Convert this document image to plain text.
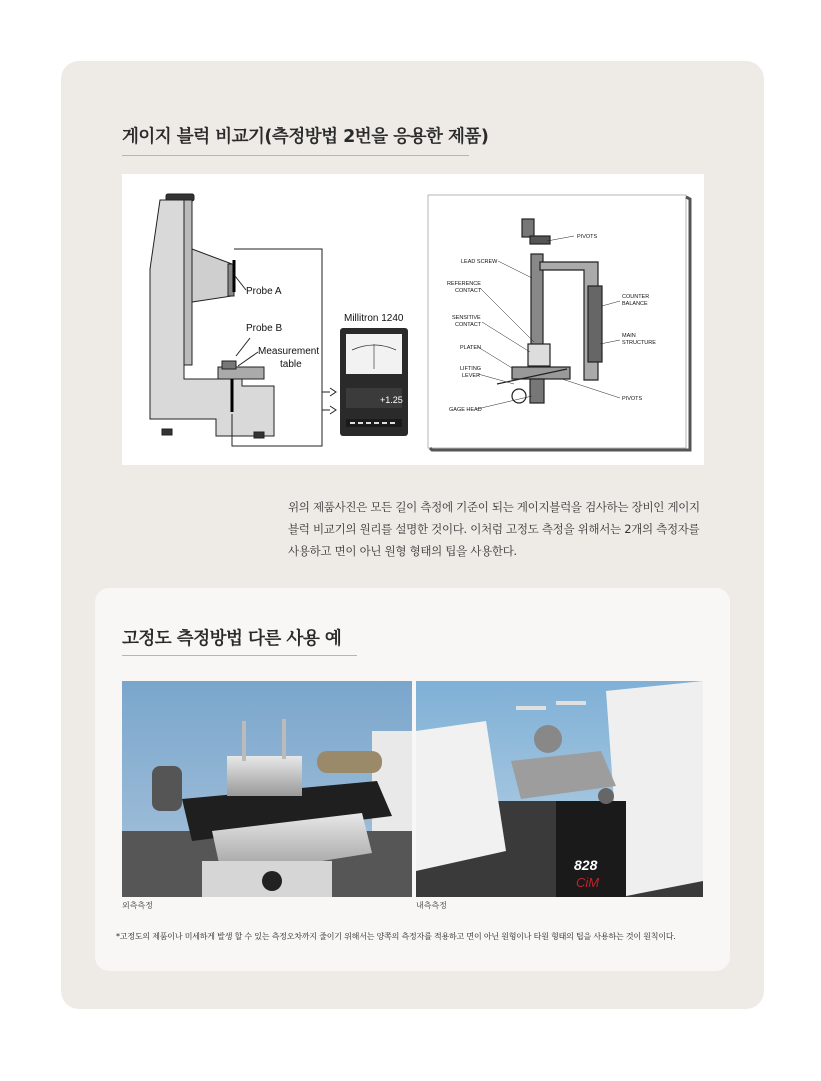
게이지 블럭 비교기(측정방법 2번을 응용한 제품)
Probe A
Probe B
Measurement
table
Millitron 1240
+1.25
PIVOTS
LEAD SCREW
REFERENCE
CONTACT
SENSITIVE
CONTACT
PLATEN
LIFTING
LEVER
GAGE HEAD
COUNTER
BALANCE
MAIN
STRUCTURE
PIVOTS

위의 제품사진은 모든 길이 측정에 기준이 되는 게이지블럭을 검사하는 장비인 게이지

블럭 비교기의 원리를 설명한 것이다. 이처럼 고정도 측정을 위해서는 2개의 측정자를

사용하고 면이 아닌 원형 형태의 팁을 사용한다.

고정도 측정방법 다른 사용 예
828
CiM
외측측정	내측측정
*고정도의 제품이나 미세하게 발생 할 수 있는 측정오차까지 줄이기 위해서는 양쪽의 측정자를 적용하고 면이 아닌 원형이나 타원 형태의 팁을 사용하는 것이 원칙이다.
